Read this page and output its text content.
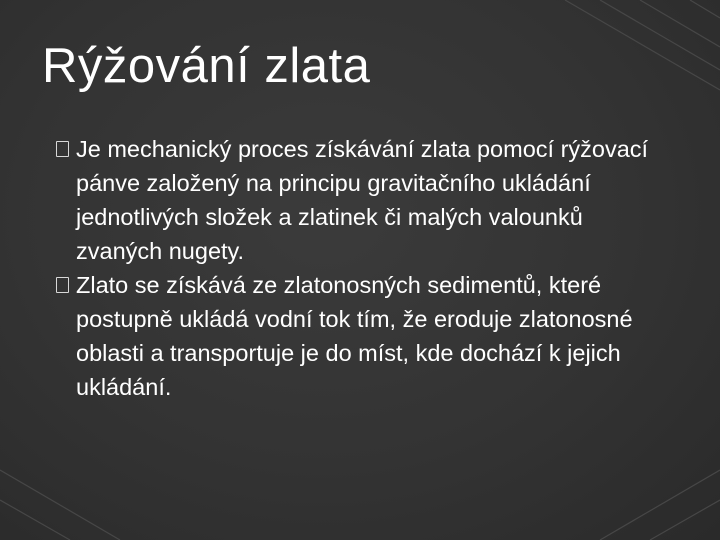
Rýžování zlata
Je mechanický proces získávání zlata pomocí rýžovací pánve založený na principu gravitačního ukládání jednotlivých složek a zlatinek či malých valounků zvaných nugety.
Zlato se získává ze zlatonosných sedimentů, které postupně ukládá vodní tok tím, že eroduje zlatonosné oblasti a transportuje je do míst, kde dochází k jejich ukládání.
